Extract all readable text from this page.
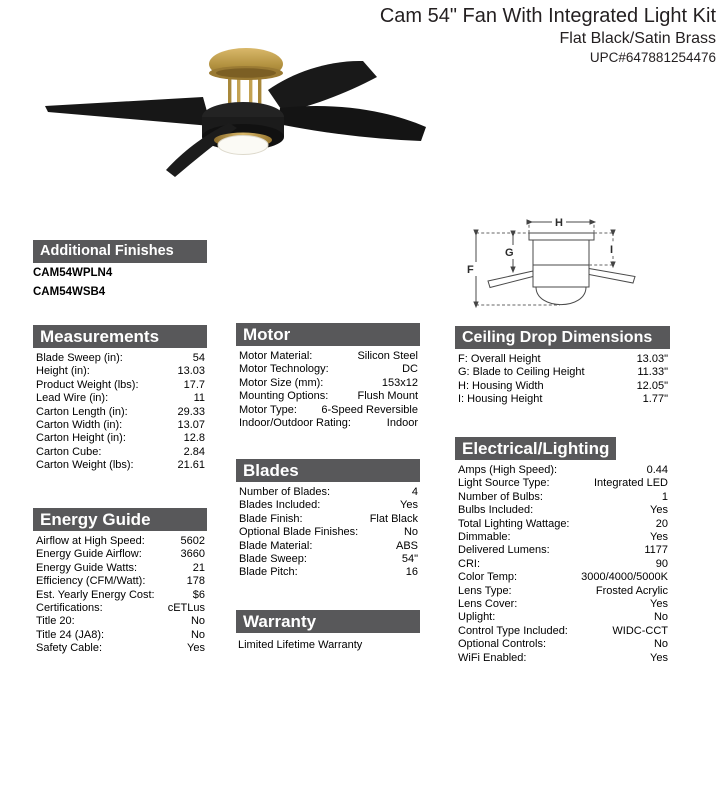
Cam 54" Fan With Integrated Light Kit
Flat Black/Satin Brass
UPC#647881254476
F
G
H
I
Additional Finishes
CAM54WPLN4
CAM54WSB4
Measurements
Blade Sweep (in):	54
Height (in):	13.03
Product Weight (lbs):	17.7
Lead Wire (in):	11
Carton Length (in):	29.33
Carton Width (in):	13.07
Carton Height (in):	12.8
Carton Cube:	2.84
Carton Weight (lbs):	21.61
Energy Guide
Airflow at High Speed:	5602
Energy Guide Airflow:	3660
Energy Guide Watts:	21
Efficiency (CFM/Watt):	178
Est. Yearly Energy Cost:	$6
Certifications:	cETLus
Title 20:	No
Title 24 (JA8):	No
Safety Cable:	Yes
Motor
Motor Material:	Silicon Steel
Motor Technology:	DC
Motor Size (mm):	153x12
Mounting Options:	Flush Mount
Motor Type: 6-Speed Reversible
Indoor/Outdoor Rating:	Indoor
Blades
Number of Blades:	4
Blades Included:	Yes
Blade Finish:	Flat Black
Optional Blade Finishes:	No
Blade Material:	ABS
Blade Sweep:	54"
Blade Pitch:	16
Warranty
Limited Lifetime Warranty
Ceiling Drop Dimensions
F: Overall Height	13.03"
G: Blade to Ceiling Height	11.33"
H: Housing Width	12.05"
I: Housing Height	1.77"
Electrical/Lighting
Amps (High Speed):	0.44
Light Source Type:	Integrated LED
Number of Bulbs:	1
Bulbs Included:	Yes
Total Lighting Wattage:	20
Dimmable:	Yes
Delivered Lumens:	1177
CRI:	90
Color Temp:	3000/4000/5000K
Lens Type:	Frosted Acrylic
Lens Cover:	Yes
Uplight:	No
Control Type Included:	WIDC-CCT
Optional Controls:	No
WiFi Enabled:	Yes
